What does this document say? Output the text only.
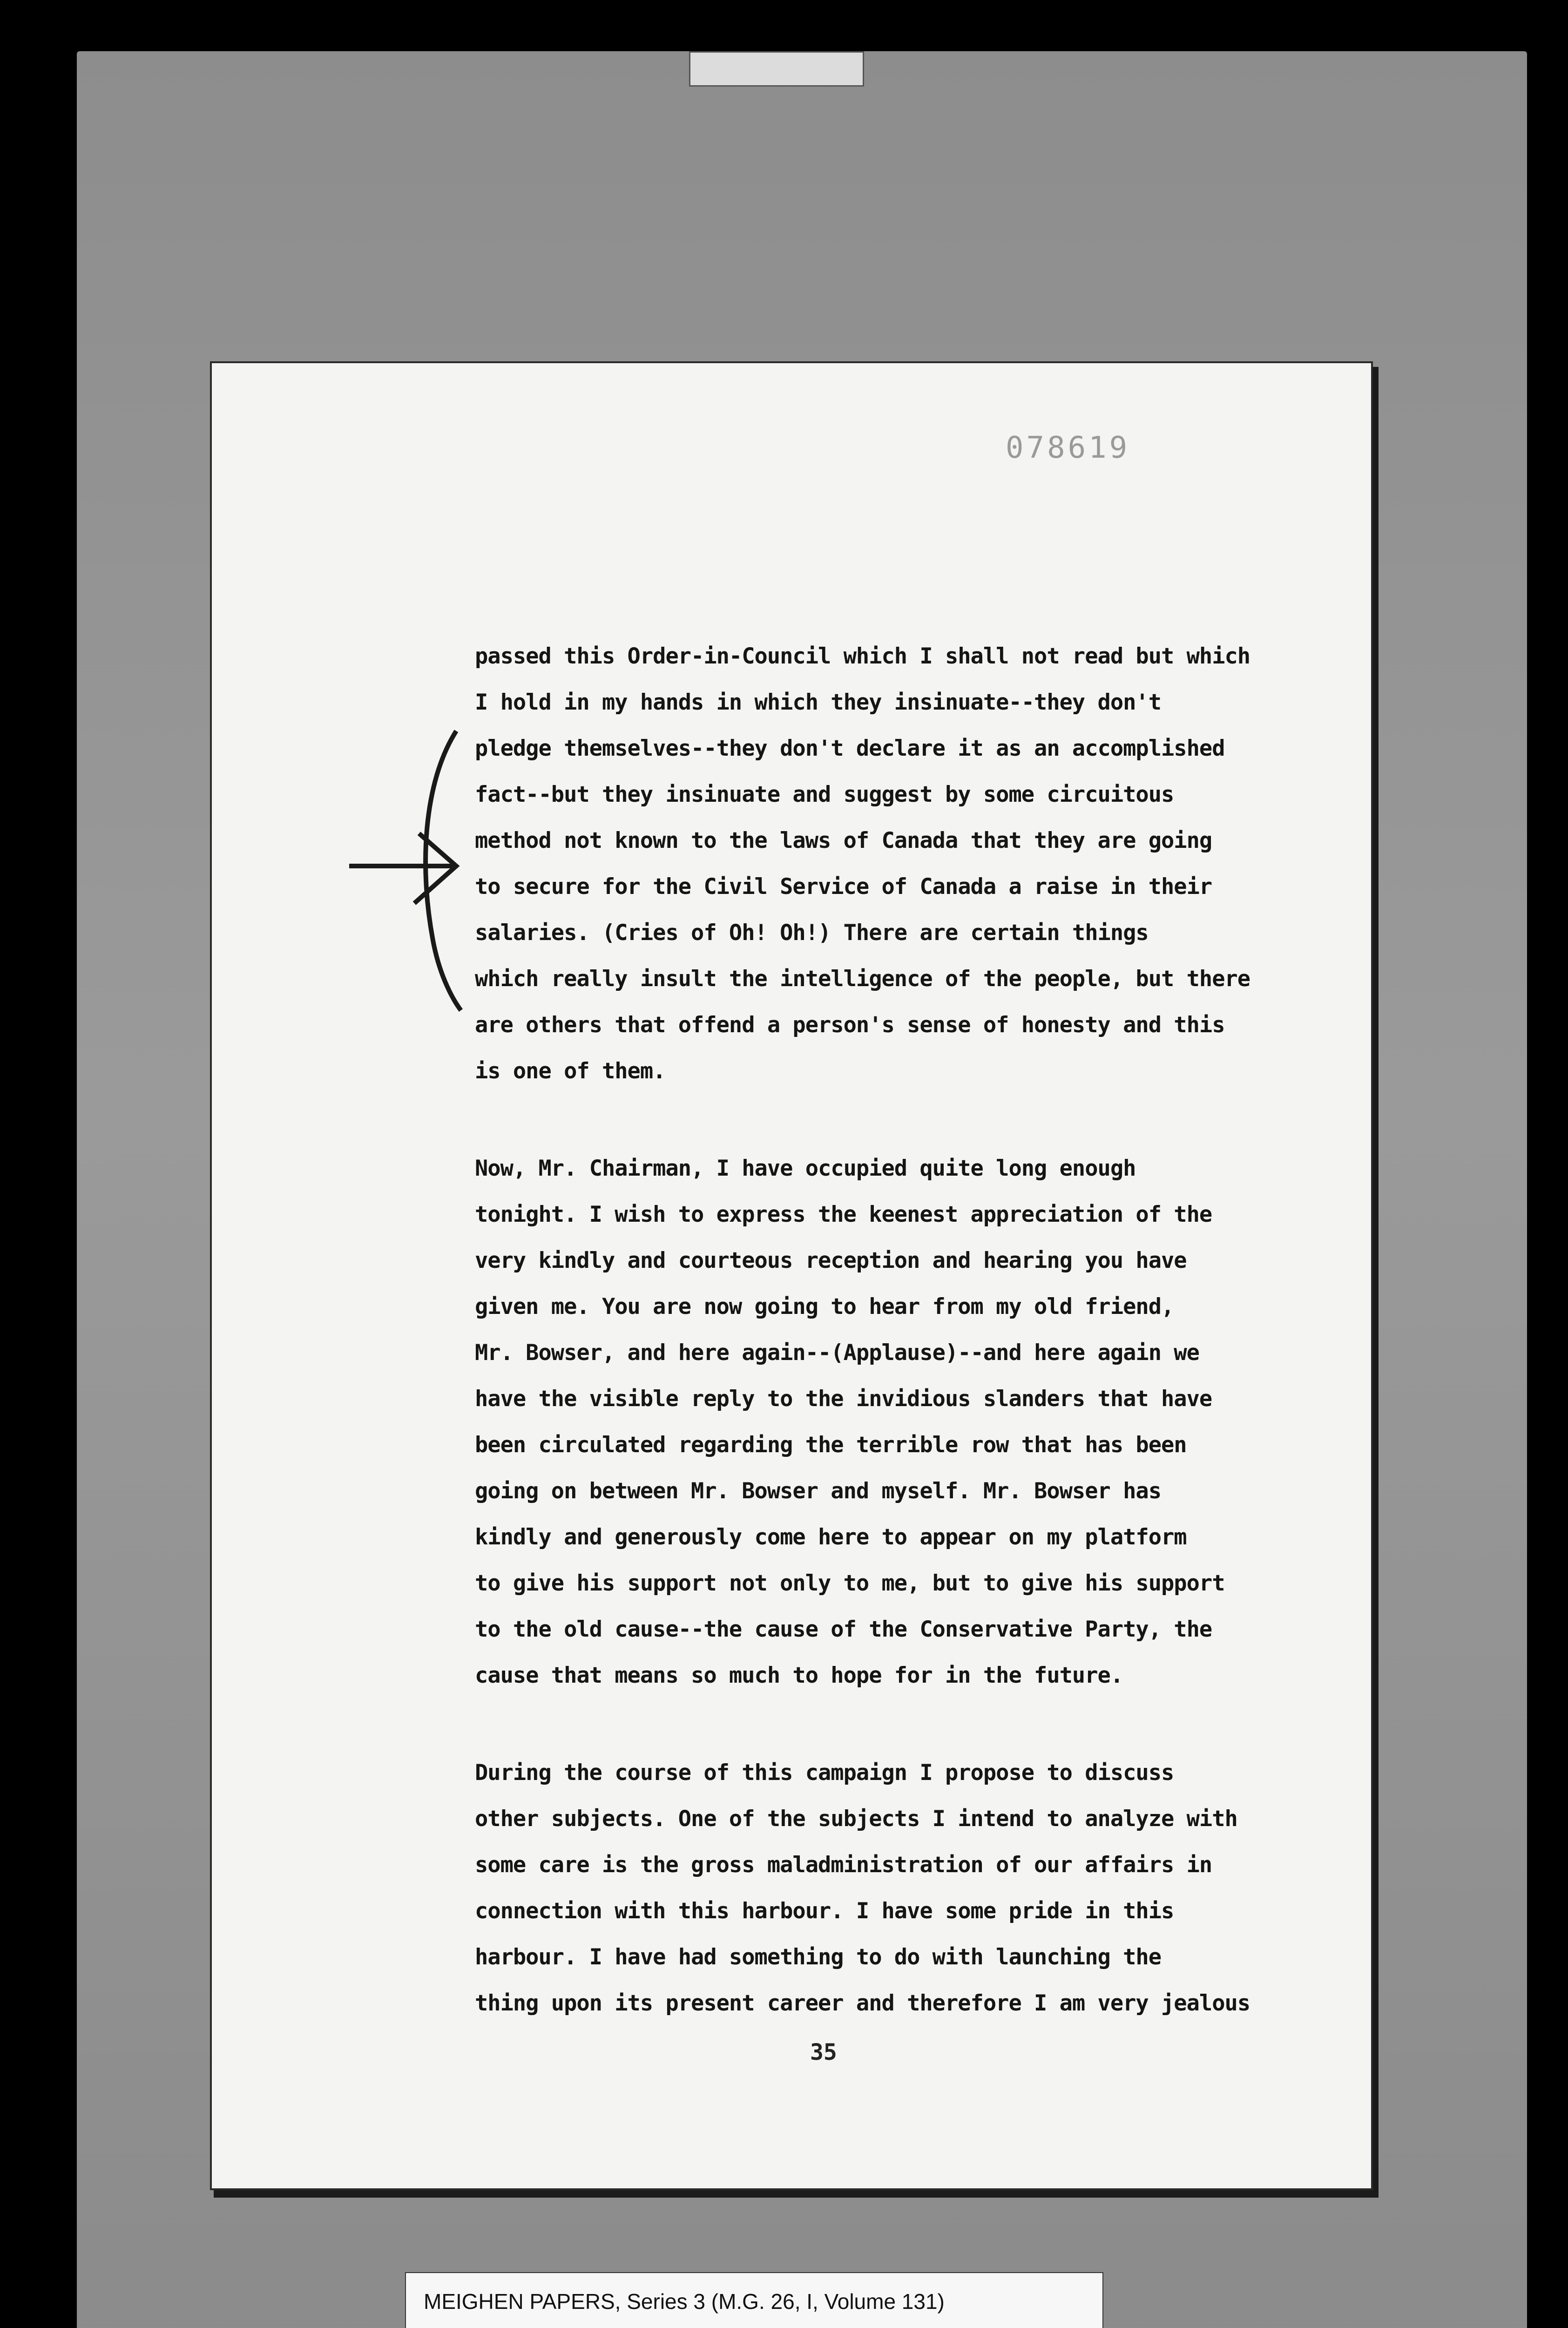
078619
passed this Order-in-Council which I shall not read but which
I hold in my hands in which they insinuate--they don't
pledge themselves--they don't declare it as an accomplished
fact--but they insinuate and suggest by some circuitous
method not known to the laws of Canada that they are going
to secure for the Civil Service of Canada a raise in their
salaries. (Cries of Oh! Oh!) There are certain things
which really insult the intelligence of the people, but there
are others that offend a person's sense of honesty and this
is one of them.
Now, Mr. Chairman, I have occupied quite long enough
tonight. I wish to express the keenest appreciation of the
very kindly and courteous reception and hearing you have
given me. You are now going to hear from my old friend,
Mr. Bowser, and here again--(Applause)--and here again we
have the visible reply to the invidious slanders that have
been circulated regarding the terrible row that has been
going on between Mr. Bowser and myself. Mr. Bowser has
kindly and generously come here to appear on my platform
to give his support not only to me, but to give his support
to the old cause--the cause of the Conservative Party, the
cause that means so much to hope for in the future.
During the course of this campaign I propose to discuss
other subjects. One of the subjects I intend to analyze with
some care is the gross maladministration of our affairs in
connection with this harbour. I have some pride in this
harbour. I have had something to do with launching the
thing upon its present career and therefore I am very jealous
35
MEIGHEN PAPERS, Series 3 (M.G. 26, I, Volume 131)
